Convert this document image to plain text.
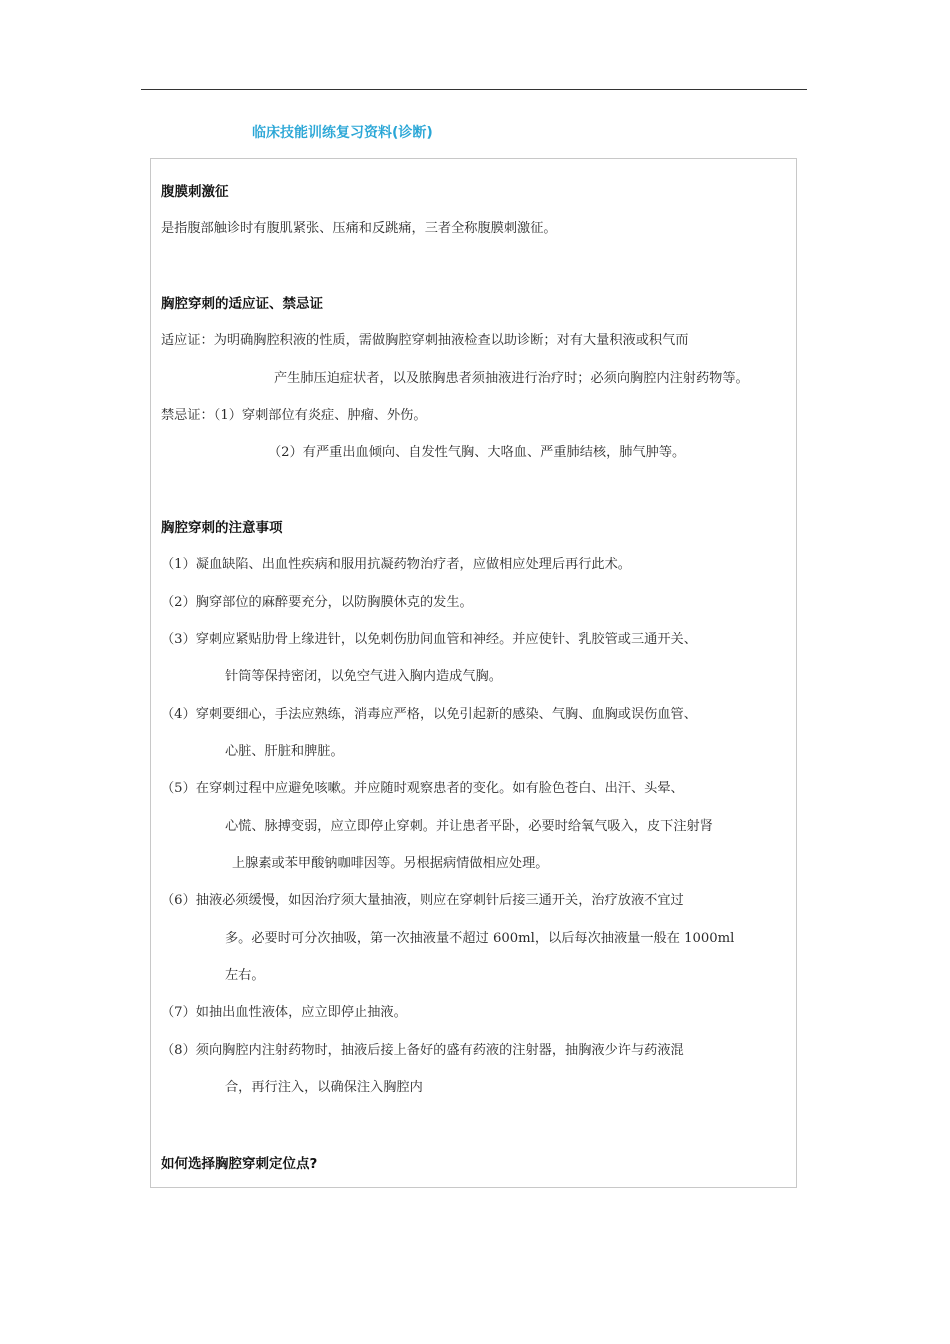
临床技能训练复习资料(诊断)
腹膜刺激征
是指腹部触诊时有腹肌紧张、压痛和反跳痛，三者全称腹膜刺激征。
胸腔穿刺的适应证、禁忌证
适应证：为明确胸腔积液的性质，需做胸腔穿刺抽液检查以助诊断；对有大量积液或积气而
产生肺压迫症状者，以及脓胸患者须抽液进行治疗时；必须向胸腔内注射药物等。
禁忌证：（1）穿刺部位有炎症、肿瘤、外伤。
（2）有严重出血倾向、自发性气胸、大咯血、严重肺结核，肺气肿等。
胸腔穿刺的注意事项
（1）凝血缺陷、出血性疾病和服用抗凝药物治疗者，应做相应处理后再行此术。
（2）胸穿部位的麻醉要充分，以防胸膜休克的发生。
（3）穿刺应紧贴肋骨上缘进针，以免刺伤肋间血管和神经。并应使针、乳胶管或三通开关、
针筒等保持密闭，以免空气进入胸内造成气胸。
（4）穿刺要细心，手法应熟练，消毒应严格，以免引起新的感染、气胸、血胸或误伤血管、
心脏、肝脏和脾脏。
（5）在穿刺过程中应避免咳嗽。并应随时观察患者的变化。如有脸色苍白、出汗、头晕、
心慌、脉搏变弱，应立即停止穿刺。并让患者平卧，必要时给氧气吸入，皮下注射肾
上腺素或苯甲酸钠咖啡因等。另根据病情做相应处理。
（6）抽液必须缓慢，如因治疗须大量抽液，则应在穿刺针后接三通开关，治疗放液不宜过
多。必要时可分次抽吸，第一次抽液量不超过 600ml，以后每次抽液量一般在 1000ml
左右。
（7）如抽出血性液体，应立即停止抽液。
（8）须向胸腔内注射药物时，抽液后接上备好的盛有药液的注射器，抽胸液少许与药液混
合，再行注入，以确保注入胸腔内
如何选择胸腔穿刺定位点?
